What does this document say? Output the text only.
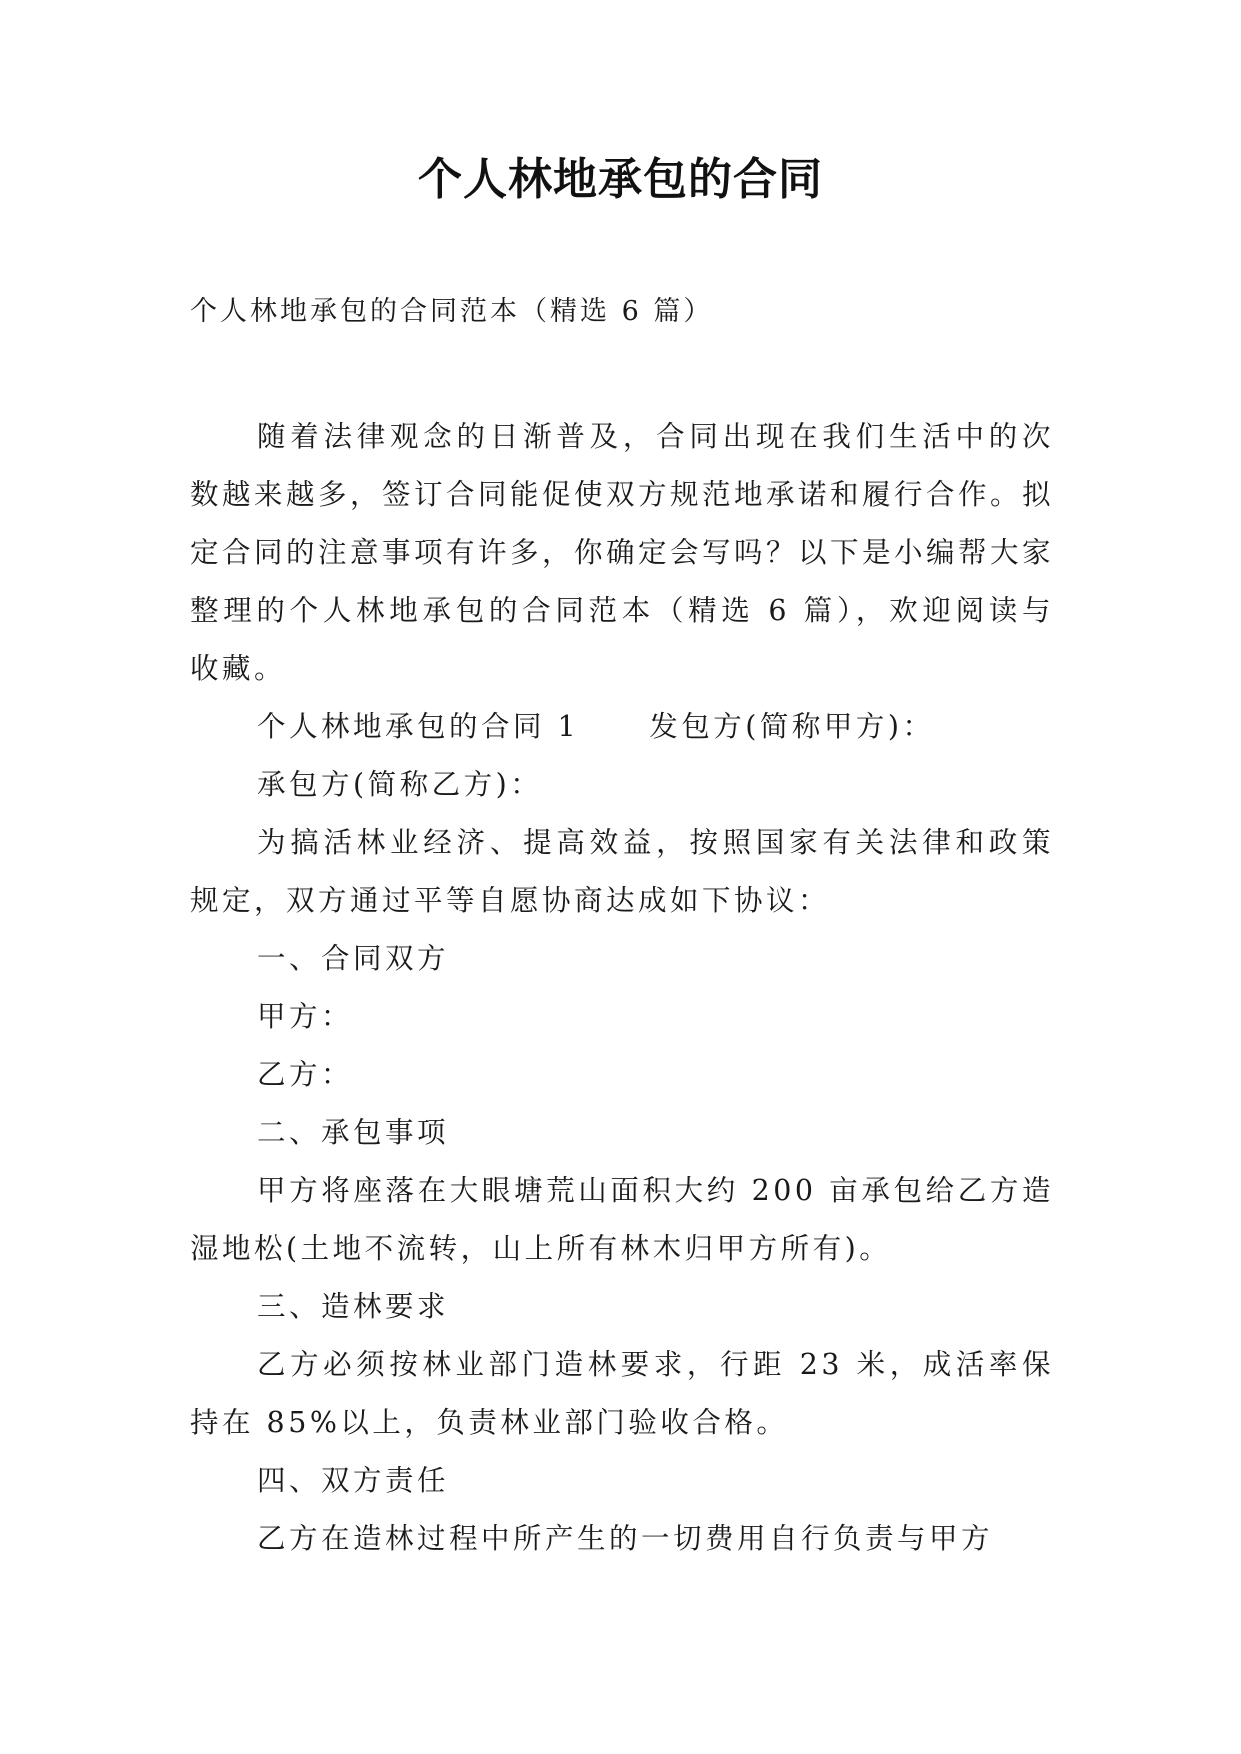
个人林地承包的合同

个人林地承包的合同范本（精选 6 篇）

随着法律观念的日渐普及，合同出现在我们生活中的次数越来越多，签订合同能促使双方规范地承诺和履行合作。拟定合同的注意事项有许多，你确定会写吗？以下是小编帮大家整理的个人林地承包的合同范本（精选 6 篇），欢迎阅读与收藏。

个人林地承包的合同 1 发包方(简称甲方)：

承包方(简称乙方)：

为搞活林业经济、提高效益，按照国家有关法律和政策规定，双方通过平等自愿协商达成如下协议：

一、合同双方

甲方：

乙方：

二、承包事项

甲方将座落在大眼塘荒山面积大约 200 亩承包给乙方造湿地松(土地不流转，山上所有林木归甲方所有)。

三、造林要求

乙方必须按林业部门造林要求，行距 23 米，成活率保持在 85%以上，负责林业部门验收合格。

四、双方责任

乙方在造林过程中所产生的一切费用自行负责与甲方
